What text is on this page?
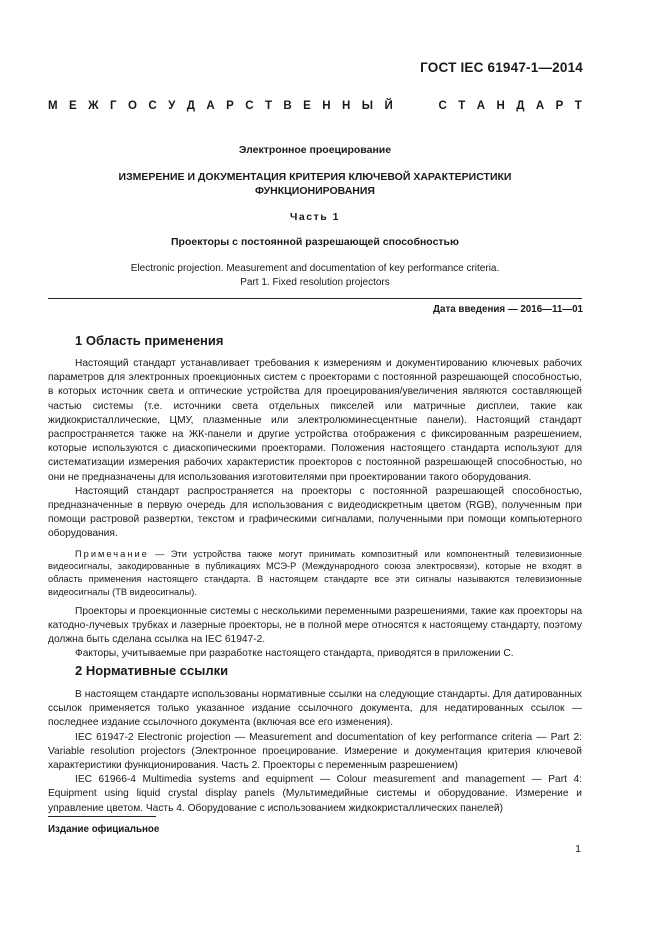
ГОСТ IEC 61947-1—2014
М Е Ж Г О С У Д А Р С Т В Е Н Н Ы Й	С Т А Н Д А Р Т
Электронное проецирование
ИЗМЕРЕНИЕ И ДОКУМЕНТАЦИЯ КРИТЕРИЯ КЛЮЧЕВОЙ ХАРАКТЕРИСТИКИ
ФУНКЦИОНИРОВАНИЯ
Часть 1
Проекторы с постоянной разрешающей способностью
Electronic projection. Measurement and documentation of key performance criteria.
Part 1. Fixed resolution projectors
Дата введения — 2016—11—01
1 Область применения

Настоящий стандарт устанавливает требования к измерениям и документированию ключевых рабочих параметров для электронных проекционных систем с проекторами с постоянной разрешающей способностью, в которых источник света и оптические устройства для проецирования/увеличения являются составляющей частью системы (т.е. источники света отдельных пикселей или матричные дисплеи, такие как жидкокристаллические, ЦМУ, плазменные или электролюминесцентные панели). Настоящий стандарт распространяется также на ЖК-панели и другие устройства отображения с фиксированным разрешением, которые используются с диаскопическими проекторами. Положения настоящего стандарта используют для систематизации измерения рабочих характеристик проекторов с постоянной разрешающей способностью, но они не предназначены для использования изготовителями при проектировании такого оборудования.

Настоящий стандарт распространяется на проекторы с постоянной разрешающей способностью, предназначенные в первую очередь для использования с видеодискретным цветом (RGB), полученным при помощи растровой развертки, текстом и графическими сигналами, полученными при помощи компьютерного оборудования.

Примечание — Эти устройства также могут принимать композитный или компонентный телевизионные видеосигналы, закодированные в публикациях МСЭ-Р (Международного союза электросвязи), которые не входят в область применения настоящего стандарта. В настоящем стандарте все эти сигналы называются телевизионные видеосигналы (ТВ видеосигналы).

Проекторы и проекционные системы с несколькими переменными разрешениями, такие как проекторы на катодно-лучевых трубках и лазерные проекторы, не в полной мере относятся к настоящему стандарту, поэтому должна быть сделана ссылка на IEC 61947-2.

Факторы, учитываемые при разработке настоящего стандарта, приводятся в приложении С.

2 Нормативные ссылки

В настоящем стандарте использованы нормативные ссылки на следующие стандарты. Для датированных ссылок применяется только указанное издание ссылочного документа, для недатированных ссылок — последнее издание ссылочного документа (включая все его изменения).

IEC 61947-2 Electronic projection — Measurement and documentation of key performance criteria — Part 2: Variable resolution projectors (Электронное проецирование. Измерение и документация критерия ключевой характеристики функционирования. Часть 2. Проекторы с переменным разрешением)

IEC 61966-4 Multimedia systems and equipment — Colour measurement and management — Part 4: Equipment using liquid crystal display panels (Мультимедийные системы и оборудование. Измерение и управление цветом. Часть 4. Оборудование с использованием жидкокристаллических панелей)

Издание официальное
1
